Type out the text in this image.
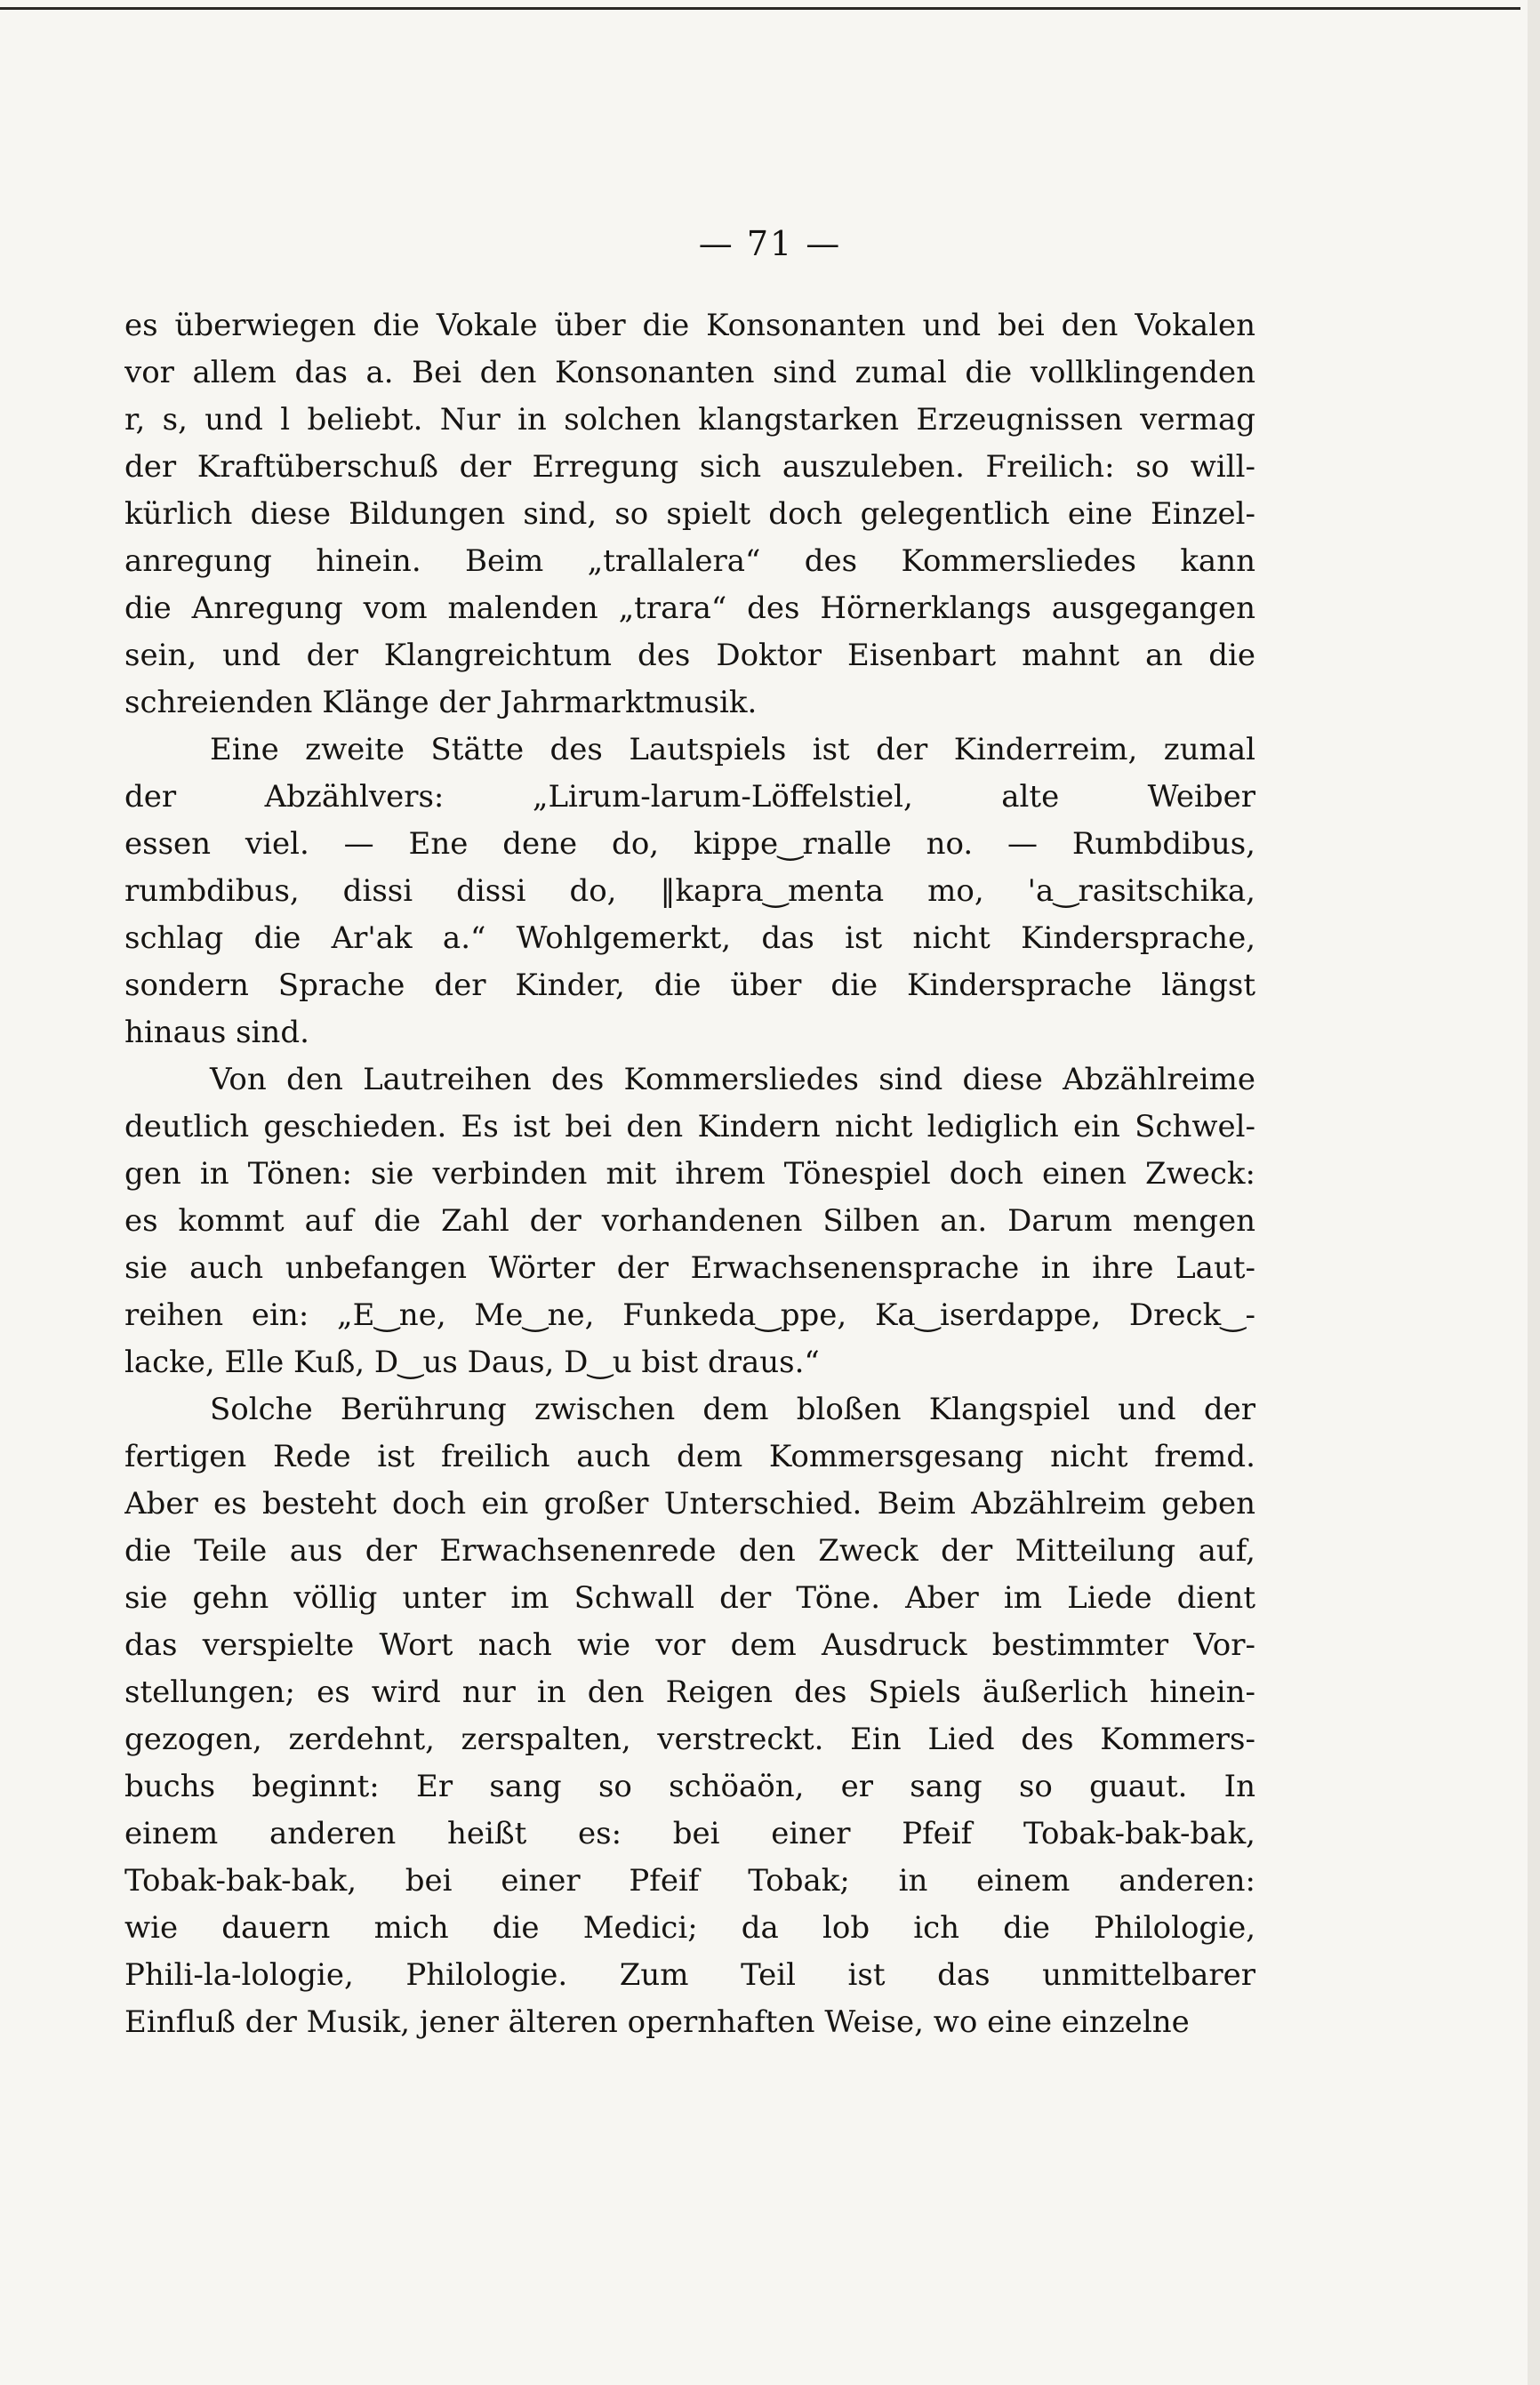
— 71 —
es überwiegen die Vokale über die Konsonanten und bei den Vokalen
vor allem das a. Bei den Konsonanten sind zumal die vollklingenden
r, s, und l beliebt. Nur in solchen klangstarken Erzeugnissen vermag
der Kraftüberschuß der Erregung sich auszuleben. Freilich: so will-
kürlich diese Bildungen sind, so spielt doch gelegentlich eine Einzel-
anregung hinein. Beim „trallalera“ des Kommersliedes kann
die Anregung vom malenden „trara“ des Hörnerklangs ausgegangen
sein, und der Klangreichtum des Doktor Eisenbart mahnt an die
schreienden Klänge der Jahrmarktmusik.
Eine zweite Stätte des Lautspiels ist der Kinderreim, zumal
der Abzählvers: „Lirum-larum-Löffelstiel, alte Weiber
essen viel. — Ene dene do, kippe‿rnalle no. — Rumbdibus,
rumbdibus, dissi dissi do, ‖kapra‿menta mo, 'a‿rasitschika,
schlag die Ar'ak a.“ Wohlgemerkt, das ist nicht Kindersprache,
sondern Sprache der Kinder, die über die Kindersprache längst
hinaus sind.
Von den Lautreihen des Kommersliedes sind diese Abzählreime
deutlich geschieden. Es ist bei den Kindern nicht lediglich ein Schwel-
gen in Tönen: sie verbinden mit ihrem Tönespiel doch einen Zweck:
es kommt auf die Zahl der vorhandenen Silben an. Darum mengen
sie auch unbefangen Wörter der Erwachsenensprache in ihre Laut-
reihen ein: „E‿ne, Me‿ne, Funkeda‿ppe, Ka‿iserdappe, Dreck‿-
lacke, Elle Kuß, D‿us Daus, D‿u bist draus.“
Solche Berührung zwischen dem bloßen Klangspiel und der
fertigen Rede ist freilich auch dem Kommersgesang nicht fremd.
Aber es besteht doch ein großer Unterschied. Beim Abzählreim geben
die Teile aus der Erwachsenenrede den Zweck der Mitteilung auf,
sie gehn völlig unter im Schwall der Töne. Aber im Liede dient
das verspielte Wort nach wie vor dem Ausdruck bestimmter Vor-
stellungen; es wird nur in den Reigen des Spiels äußerlich hinein-
gezogen, zerdehnt, zerspalten, verstreckt. Ein Lied des Kommers-
buchs beginnt: Er sang so schöaön, er sang so guaut. In
einem anderen heißt es: bei einer Pfeif Tobak-bak-bak,
Tobak-bak-bak, bei einer Pfeif Tobak; in einem anderen:
wie dauern mich die Medici; da lob ich die Philologie,
Phili-la-lologie, Philologie. Zum Teil ist das unmittelbarer
Einfluß der Musik, jener älteren opernhaften Weise, wo eine einzelne
